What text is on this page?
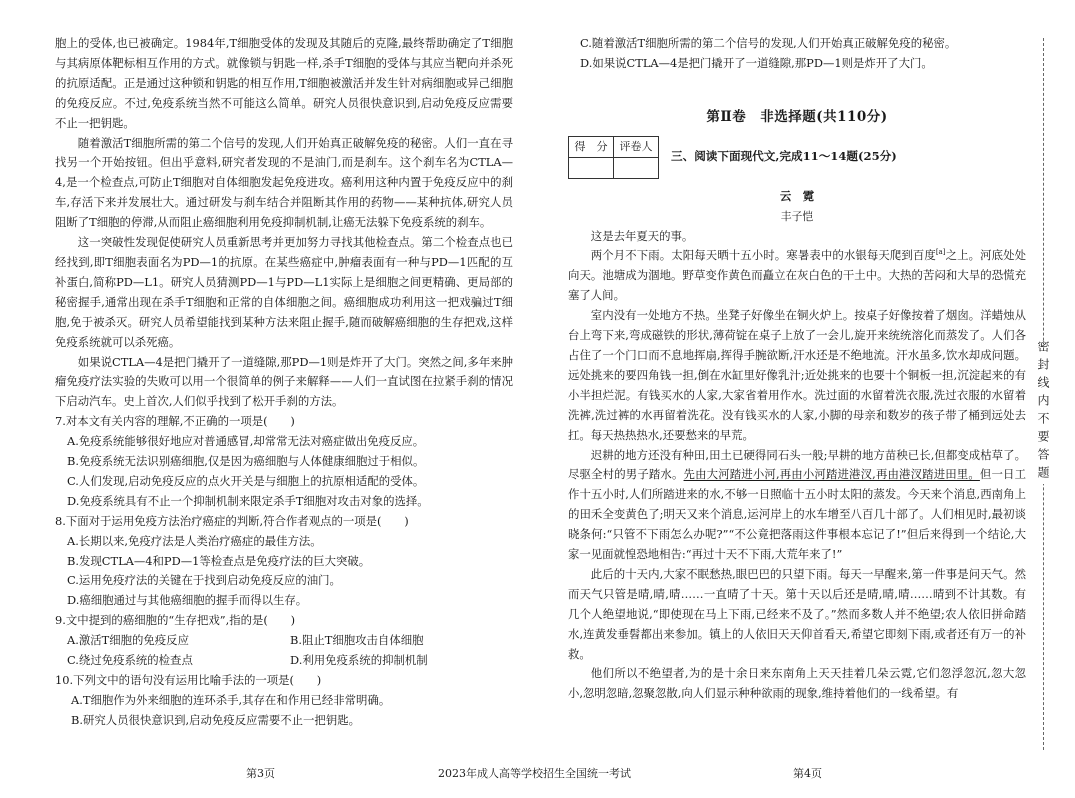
胞上的受体,也已被确定。1984年,T细胞受体的发现及其随后的克隆,最终帮助确定了T细胞与其病原体靶标相互作用的方式。就像锁与钥匙一样,杀手T细胞的受体与其应当靶向并杀死的抗原适配。正是通过这种锁和钥匙的相互作用,T细胞被激活并发生针对病细胞或异己细胞的免疫反应。不过,免疫系统当然不可能这么简单。研究人员很快意识到,启动免疫反应需要不止一把钥匙。

随着激活T细胞所需的第二个信号的发现,人们开始真正破解免疫的秘密。人们一直在寻找另一个开始按钮。但出乎意料,研究者发现的不是油门,而是刹车。这个刹车名为CTLA—4,是一个检查点,可防止T细胞对自体细胞发起免疫进攻。癌利用这种内置于免疫反应中的刹车,存活下来并发展壮大。通过研发与刹车结合并阻断其作用的药物——某种抗体,研究人员阻断了T细胞的停滞,从而阻止癌细胞利用免疫抑制机制,让癌无法躲下免疫系统的刹车。

这一突破性发现促使研究人员重新思考并更加努力寻找其他检查点。第二个检查点也已经找到,即T细胞表面名为PD—1的抗原。在某些癌症中,肿瘤表面有一种与PD—1匹配的互补蛋白,简称PD—L1。研究人员猜测PD—1与PD—L1实际上是细胞之间更精确、更局部的秘密握手,通常出现在杀手T细胞和正常的自体细胞之间。癌细胞成功利用这一把戏骗过T细胞,免于被杀灭。研究人员希望能找到某种方法来阻止握手,随而破解癌细胞的生存把戏,这样免疫系统就可以杀死癌。

如果说CTLA—4是把门撬开了一道缝隙,那PD—1则是炸开了大门。突然之间,多年来肿瘤免疫疗法实验的失败可以用一个很简单的例子来解释——人们一直试图在拉紧手刹的情况下启动汽车。史上首次,人们似乎找到了松开手刹的方法。

7.对本文有关内容的理解,不正确的一项是(　　)

A.免疫系统能够很好地应对普通感冒,却常常无法对癌症做出免疫反应。

B.免疫系统无法识别癌细胞,仅是因为癌细胞与人体健康细胞过于相似。

C.人们发现,启动免疫反应的点火开关是与细胞上的抗原相适配的受体。

D.免疫系统具有不止一个抑制机制来限定杀手T细胞对攻击对象的选择。

8.下面对于运用免疫方法治疗癌症的判断,符合作者观点的一项是(　　)

A.长期以来,免疫疗法是人类治疗癌症的最佳方法。

B.发现CTLA—4和PD—1等检查点是免疫疗法的巨大突破。

C.运用免疫疗法的关键在于找到启动免疫反应的油门。

D.癌细胞通过与其他癌细胞的握手而得以生存。

9.文中提到的癌细胞的“生存把戏”,指的是(　　)

A.激活T细胞的免疫反应	B.阻止T细胞攻击自体细胞
C.绕过免疫系统的检查点	D.利用免疫系统的抑制机制

10.下列文中的语句没有运用比喻手法的一项是(　　)

A.T细胞作为外来细胞的连环杀手,其存在和作用已经非常明确。

B.研究人员很快意识到,启动免疫反应需要不止一把钥匙。

C.随着激活T细胞所需的第二个信号的发现,人们开始真正破解免疫的秘密。

D.如果说CTLA—4是把门撬开了一道缝隙,那PD—1则是炸开了大门。

第Ⅱ卷　非选择题(共110分)

得　分	评卷人

三、阅读下面现代文,完成11～14题(25分)

云　霓

丰子恺

这是去年夏天的事。

两个月不下雨。太阳每天晒十五小时。寒暑表中的水银每天爬到百度[a]之上。河底处处向天。池塘成为涸地。野草变作黄色而矗立在灰白色的干土中。大热的苦闷和大旱的恐慌充塞了人间。

室内没有一处地方不热。坐凳子好像坐在铜火炉上。按桌子好像按着了烟囱。洋蜡烛从台上弯下来,弯成磁铁的形状,薄荷锭在桌子上放了一会儿,旋开来统统溶化而蒸发了。人们各占住了一个门口而不息地挥扇,挥得手腕欲断,汗水还是不绝地流。汗水虽多,饮水却成问题。远处挑来的要四角钱一担,倒在水缸里好像乳汁;近处挑来的也要十个铜板一担,沉淀起来的有小半担烂泥。有钱买水的人家,大家省着用作水。洗过面的水留着洗衣服,洗过衣服的水留着洗裤,洗过裤的水再留着洗花。没有钱买水的人家,小脚的母亲和数岁的孩子带了桶到远处去扛。每天热热热水,还要愁来的早荒。

迟耕的地方还没有种田,田土已硬得同石头一般;早耕的地方苗秧已长,但都变成枯草了。尽驱全村的男子踏水。先由大河踏进小河,再由小河踏进港汊,再由港汊踏进田里。但一日工作十五小时,人们所踏进来的水,不够一日照临十五小时太阳的蒸发。今天来个消息,西南角上的田禾全变黄色了;明天又来个消息,运河岸上的水车增至八百几十部了。人们相见时,最初谈晓条何:“只管不下雨怎么办呢?”“不公竟把落雨这件事根本忘记了!”但后来得到一个结论,大家一见面就惶恐地相告:“再过十天不下雨,大荒年来了!”

此后的十天内,大家不眠愁热,眼巴巴的只望下雨。每天一早醒来,第一件事是问天气。然而天气只管是晴,晴,晴……一直晴了十天。第十天以后还是晴,晴,晴……晴到不计其数。有几个人绝望地说,“即使现在马上下雨,已经来不及了。”然而多数人并不绝望;农人依旧拼命踏水,连黄发垂髫都出来参加。镇上的人依旧天天仰首看天,希望它即刻下雨,或者还有万一的补救。

他们所以不绝望者,为的是十余日来东南角上天天挂着几朵云霓,它们忽浮忽沉,忽大忽小,忽明忽暗,忽聚忽散,向人们显示种种欲雨的现象,维持着他们的一线希望。有

第3页	2023年成人高等学校招生全国统一考试	第4页
密封线内不要答题
